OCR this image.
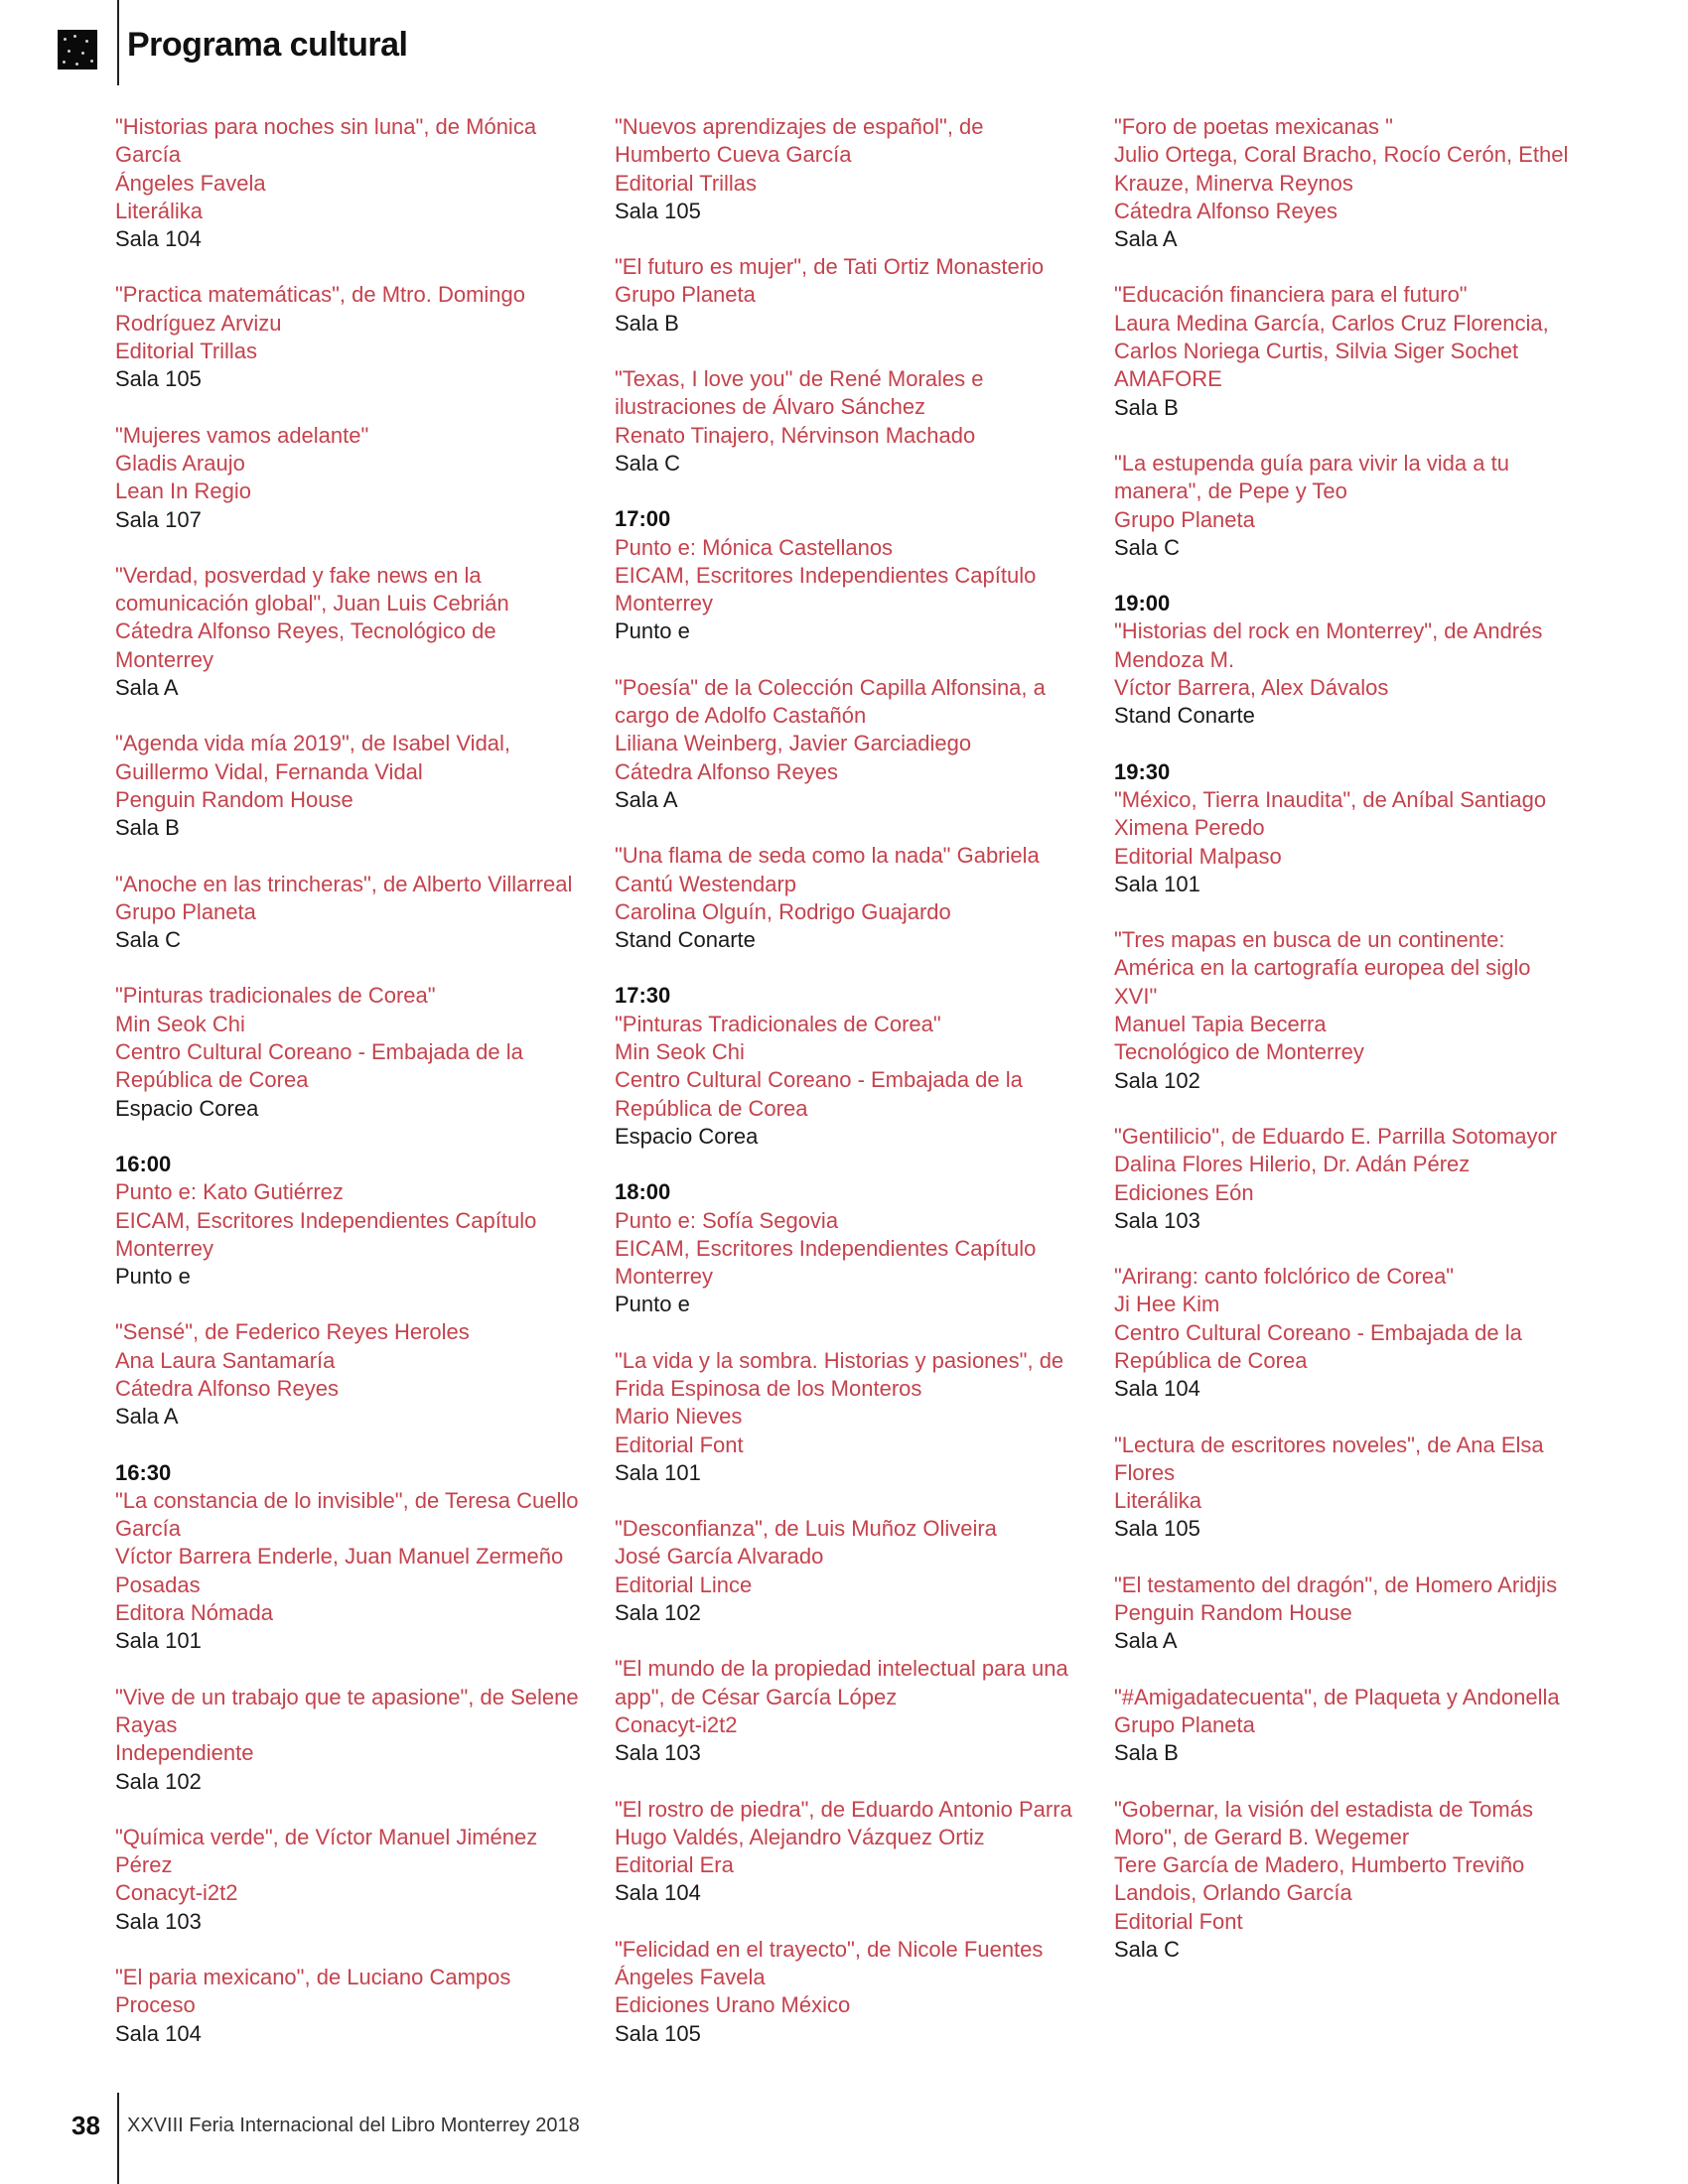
Programa cultural
"Historias para noches sin luna", de Mónica
García
Ángeles Favela
Literálika
Sala 104
"Practica matemáticas", de Mtro. Domingo
Rodríguez Arvizu
Editorial Trillas
Sala 105
"Mujeres vamos adelante"
Gladis Araujo
Lean In Regio
Sala 107
"Verdad, posverdad y fake news en la
comunicación global", Juan Luis Cebrián
Cátedra Alfonso Reyes, Tecnológico de
Monterrey
Sala A
"Agenda vida mía 2019", de Isabel Vidal,
Guillermo Vidal, Fernanda Vidal
Penguin Random House
Sala B
"Anoche en las trincheras", de Alberto Villarreal
Grupo Planeta
Sala C
"Pinturas tradicionales de Corea"
Min Seok Chi
Centro Cultural Coreano - Embajada de la
República de Corea
Espacio Corea
16:00
Punto e: Kato Gutiérrez
EICAM, Escritores Independientes Capítulo
Monterrey
Punto e
"Sensé", de Federico Reyes Heroles
Ana Laura Santamaría
Cátedra Alfonso Reyes
Sala A
16:30
"La constancia de lo invisible", de Teresa Cuello
García
Víctor Barrera Enderle, Juan Manuel Zermeño
Posadas
Editora Nómada
Sala 101
"Vive de un trabajo que te apasione", de Selene
Rayas
Independiente
Sala 102
"Química verde", de Víctor Manuel Jiménez
Pérez
Conacyt-i2t2
Sala 103
"El paria mexicano", de Luciano Campos
Proceso
Sala 104
"Nuevos aprendizajes de español", de
Humberto Cueva García
Editorial Trillas
Sala 105
"El futuro es mujer", de Tati Ortiz Monasterio
Grupo Planeta
Sala B
"Texas, I love you" de René Morales e
ilustraciones de Álvaro Sánchez
Renato Tinajero, Nérvinson Machado
Sala C
17:00
Punto e: Mónica Castellanos
EICAM, Escritores Independientes Capítulo
Monterrey
Punto e
"Poesía" de la Colección Capilla Alfonsina, a
cargo de Adolfo Castañón
Liliana Weinberg, Javier Garciadiego
Cátedra Alfonso Reyes
Sala A
"Una flama de seda como la nada" Gabriela
Cantú Westendarp
Carolina Olguín, Rodrigo Guajardo
Stand Conarte
17:30
"Pinturas Tradicionales de Corea"
Min Seok Chi
Centro Cultural Coreano - Embajada de la
República de Corea
Espacio Corea
18:00
Punto e: Sofía Segovia
EICAM, Escritores Independientes Capítulo
Monterrey
Punto e
"La vida y la sombra. Historias y pasiones", de
Frida Espinosa de los Monteros
Mario Nieves
Editorial Font
Sala 101
"Desconfianza", de Luis Muñoz Oliveira
José García Alvarado
Editorial Lince
Sala 102
"El mundo de la propiedad intelectual para una
app", de César García López
Conacyt-i2t2
Sala 103
"El rostro de piedra", de Eduardo Antonio Parra
Hugo Valdés, Alejandro Vázquez Ortiz
Editorial Era
Sala 104
"Felicidad en el trayecto", de Nicole Fuentes
Ángeles Favela
Ediciones Urano México
Sala 105
"Foro de poetas mexicanas "
Julio Ortega, Coral Bracho, Rocío Cerón, Ethel
Krauze, Minerva Reynos
Cátedra Alfonso Reyes
Sala A
"Educación financiera para el futuro"
Laura Medina García, Carlos Cruz Florencia,
Carlos Noriega Curtis, Silvia Siger Sochet
AMAFORE
Sala B
"La estupenda guía para vivir la vida a tu
manera", de Pepe y Teo
Grupo Planeta
Sala C
19:00
"Historias del rock en Monterrey", de Andrés
Mendoza M.
Víctor Barrera, Alex Dávalos
Stand Conarte
19:30
"México, Tierra Inaudita", de Aníbal Santiago
Ximena Peredo
Editorial Malpaso
Sala 101
"Tres mapas en busca de un continente:
América en la cartografía europea del siglo
XVI"
Manuel Tapia Becerra
Tecnológico de Monterrey
Sala 102
"Gentilicio", de Eduardo E. Parrilla Sotomayor
Dalina Flores Hilerio, Dr. Adán Pérez
Ediciones Eón
Sala 103
"Arirang: canto folclórico de Corea"
Ji Hee Kim
Centro Cultural Coreano - Embajada de la
República de Corea
Sala 104
"Lectura de escritores noveles", de Ana Elsa
Flores
Literálika
Sala 105
"El testamento del dragón", de Homero Aridjis
Penguin Random House
Sala A
"#Amigadatecuenta", de Plaqueta y Andonella
Grupo Planeta
Sala B
"Gobernar, la visión del estadista de Tomás
Moro", de Gerard B. Wegemer
Tere García de Madero, Humberto Treviño
Landois, Orlando García
Editorial Font
Sala C
38 XXVIII Feria Internacional del Libro Monterrey 2018
